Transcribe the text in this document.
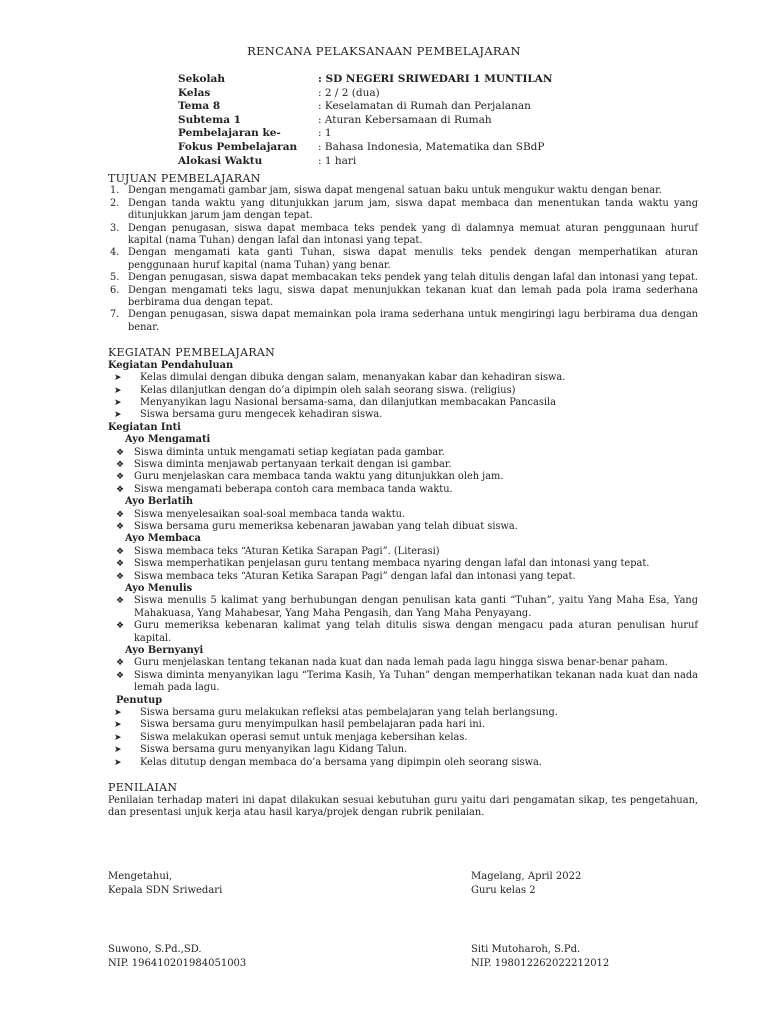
RENCANA PELAKSANAAN PEMBELAJARAN
Sekolah	: SD NEGERI SRIWEDARI 1 MUNTILAN
Kelas	: 2 / 2 (dua)
Tema 8	: Keselamatan di Rumah dan Perjalanan
Subtema 1	: Aturan Kebersamaan di Rumah
Pembelajaran ke-	: 1
Fokus Pembelajaran	: Bahasa Indonesia, Matematika dan SBdP
Alokasi Waktu	: 1 hari
TUJUAN PEMBELAJARAN
1. Dengan mengamati gambar jam, siswa dapat mengenal satuan baku untuk mengukur waktu dengan benar.
2. Dengan tanda waktu yang ditunjukkan jarum jam, siswa dapat membaca dan menentukan tanda waktu yang ditunjukkan jarum jam dengan tepat.
3. Dengan penugasan, siswa dapat membaca teks pendek yang di dalamnya memuat aturan penggunaan huruf kapital (nama Tuhan) dengan lafal dan intonasi yang tepat.
4. Dengan mengamati kata ganti Tuhan, siswa dapat menulis teks pendek dengan memperhatikan aturan penggunaan huruf kapital (nama Tuhan) yang benar.
5. Dengan penugasan, siswa dapat membacakan teks pendek yang telah ditulis dengan lafal dan intonasi yang tepat.
6. Dengan mengamati teks lagu, siswa dapat menunjukkan tekanan kuat dan lemah pada pola irama sederhana berbirama dua dengan tepat.
7. Dengan penugasan, siswa dapat memainkan pola irama sederhana untuk mengiringi lagu berbirama dua dengan benar.
KEGIATAN PEMBELAJARAN
Kegiatan Pendahuluan
➤	Kelas dimulai dengan dibuka dengan salam, menanyakan kabar dan kehadiran siswa.
➤	Kelas dilanjutkan dengan do’a dipimpin oleh salah seorang siswa. (religius)
➤	Menyanyikan lagu Nasional bersama-sama, dan dilanjutkan membacakan Pancasila
➤	Siswa bersama guru mengecek kehadiran siswa.
Kegiatan Inti
Ayo Mengamati
❖	Siswa diminta untuk mengamati setiap kegiatan pada gambar.
❖	Siswa diminta menjawab pertanyaan terkait dengan isi gambar.
❖	Guru menjelaskan cara membaca tanda waktu yang ditunjukkan oleh jam.
❖	Siswa mengamati beberapa contoh cara membaca tanda waktu.
Ayo Berlatih
❖	Siswa menyelesaikan soal-soal membaca tanda waktu.
❖	Siswa bersama guru memeriksa kebenaran jawaban yang telah dibuat siswa.
Ayo Membaca
❖	Siswa membaca teks “Aturan Ketika Sarapan Pagi”. (Literasi)
❖	Siswa memperhatikan penjelasan guru tentang membaca nyaring dengan lafal dan intonasi yang tepat.
❖	Siswa membaca teks “Aturan Ketika Sarapan Pagi” dengan lafal dan intonasi yang tepat.
Ayo Menulis
❖	Siswa menulis 5 kalimat yang berhubungan dengan penulisan kata ganti “Tuhan”, yaitu Yang Maha Esa, Yang Mahakuasa, Yang Mahabesar, Yang Maha Pengasih, dan Yang Maha Penyayang.
❖	Guru memeriksa kebenaran kalimat yang telah ditulis siswa dengan mengacu pada aturan penulisan huruf kapital.
Ayo Bernyanyi
❖	Guru menjelaskan tentang tekanan nada kuat dan nada lemah pada lagu hingga siswa benar-benar paham.
❖	Siswa diminta menyanyikan lagu “Terima Kasih, Ya Tuhan” dengan memperhatikan tekanan nada kuat dan nada lemah pada lagu.
Penutup
➤	Siswa bersama guru melakukan refleksi atas pembelajaran yang telah berlangsung.
➤	Siswa bersama guru menyimpulkan hasil pembelajaran pada hari ini.
➤	Siswa melakukan operasi semut untuk menjaga kebersihan kelas.
➤	Siswa bersama guru menyanyikan lagu Kidang Talun.
➤	Kelas ditutup dengan membaca do’a bersama yang dipimpin oleh seorang siswa.
PENILAIAN
Penilaian terhadap materi ini dapat dilakukan sesuai kebutuhan guru yaitu dari pengamatan sikap, tes pengetahuan, dan presentasi unjuk kerja atau hasil karya/projek dengan rubrik penilaian.
Mengetahui,
Kepala SDN Sriwedari
Suwono, S.Pd.,SD.
NIP. 196410201984051003
Magelang, April 2022
Guru kelas 2
Siti Mutoharoh, S.Pd.
NIP. 198012262022212012
